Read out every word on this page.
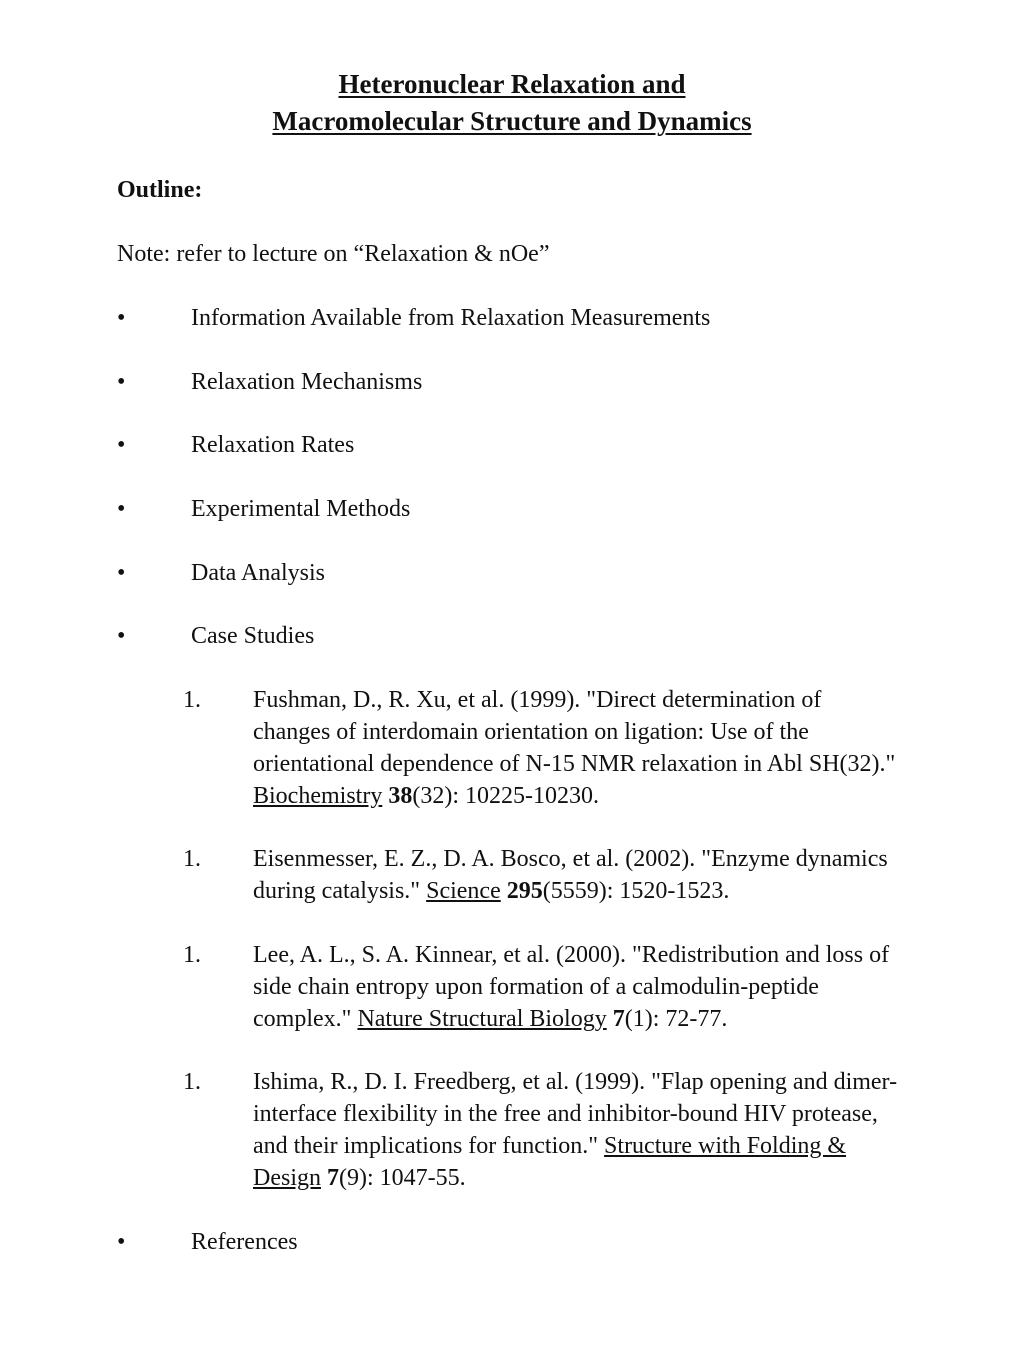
Heteronuclear Relaxation and
Macromolecular Structure and Dynamics
Outline:
Note: refer to lecture on “Relaxation & nOe”
•	Information Available from Relaxation Measurements
•	Relaxation Mechanisms
•	Relaxation Rates
•	Experimental Methods
•	Data Analysis
•	Case Studies
1. Fushman, D., R. Xu, et al. (1999). "Direct determination of changes of interdomain orientation on ligation: Use of the orientational dependence of N-15 NMR relaxation in Abl SH(32)." Biochemistry 38(32): 10225-10230.
1. Eisenmesser, E. Z., D. A. Bosco, et al. (2002). "Enzyme dynamics during catalysis." Science 295(5559): 1520-1523.
1. Lee, A. L., S. A. Kinnear, et al. (2000). "Redistribution and loss of side chain entropy upon formation of a calmodulin-peptide complex." Nature Structural Biology 7(1): 72-77.
1. Ishima, R., D. I. Freedberg, et al. (1999). "Flap opening and dimer-interface flexibility in the free and inhibitor-bound HIV protease, and their implications for function." Structure with Folding & Design 7(9): 1047-55.
•	References
